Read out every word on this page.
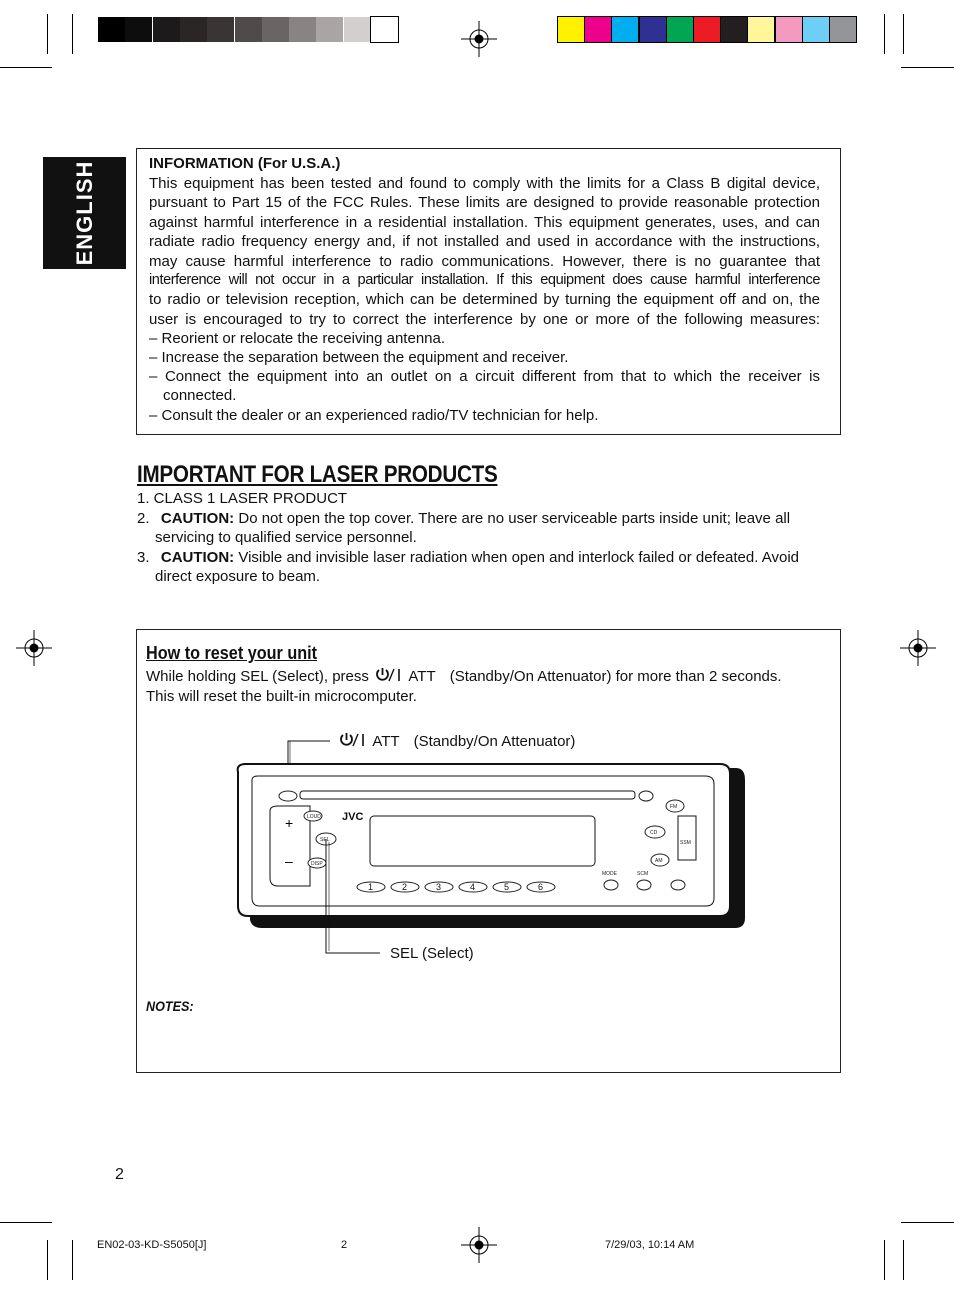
ENGLISH	INFORMATION (For U.S.A.)
This equipment has been tested and found to comply with the limits for a Class B digital device,
pursuant to Part 15 of the FCC Rules. These limits are designed to provide reasonable protection
against harmful interference in a residential installation. This equipment generates, uses, and can
radiate radio frequency energy and, if not installed and used in accordance with the instructions,
may cause harmful interference to radio communications. However, there is no guarantee that
interference will not occur in a particular installation. If this equipment does cause harmful interference
to radio or television reception, which can be determined by turning the equipment off and on, the
user is encouraged to try to correct the interference by one or more of the following measures:
– Reorient or relocate the receiving antenna.
– Increase the separation between the equipment and receiver.
– Connect the equipment into an outlet on a circuit different from that to which the receiver is
connected.
– Consult the dealer or an experienced radio/TV technician for help.
IMPORTANT FOR LASER PRODUCTS
1. CLASS 1 LASER PRODUCT
2. CAUTION: Do not open the top cover. There are no user serviceable parts inside unit; leave all
servicing to qualified service personnel.
3. CAUTION: Visible and invisible laser radiation when open and interlock failed or defeated. Avoid
direct exposure to beam.
How to reset your unit
While holding SEL (Select), press	ATT (Standby/On Attenuator) for more than 2 seconds.
This will reset the built-in microcomputer.
ATT (Standby/On Attenuator)
+
–
LOUD
SEL
DISP
JVC
1	2	3	4	5	6
FM
CD
AM
SSM
MODE	SCM
SEL (Select)
NOTES:
2
EN02-03-KD-S5050[J]	2	7/29/03, 10:14 AM
